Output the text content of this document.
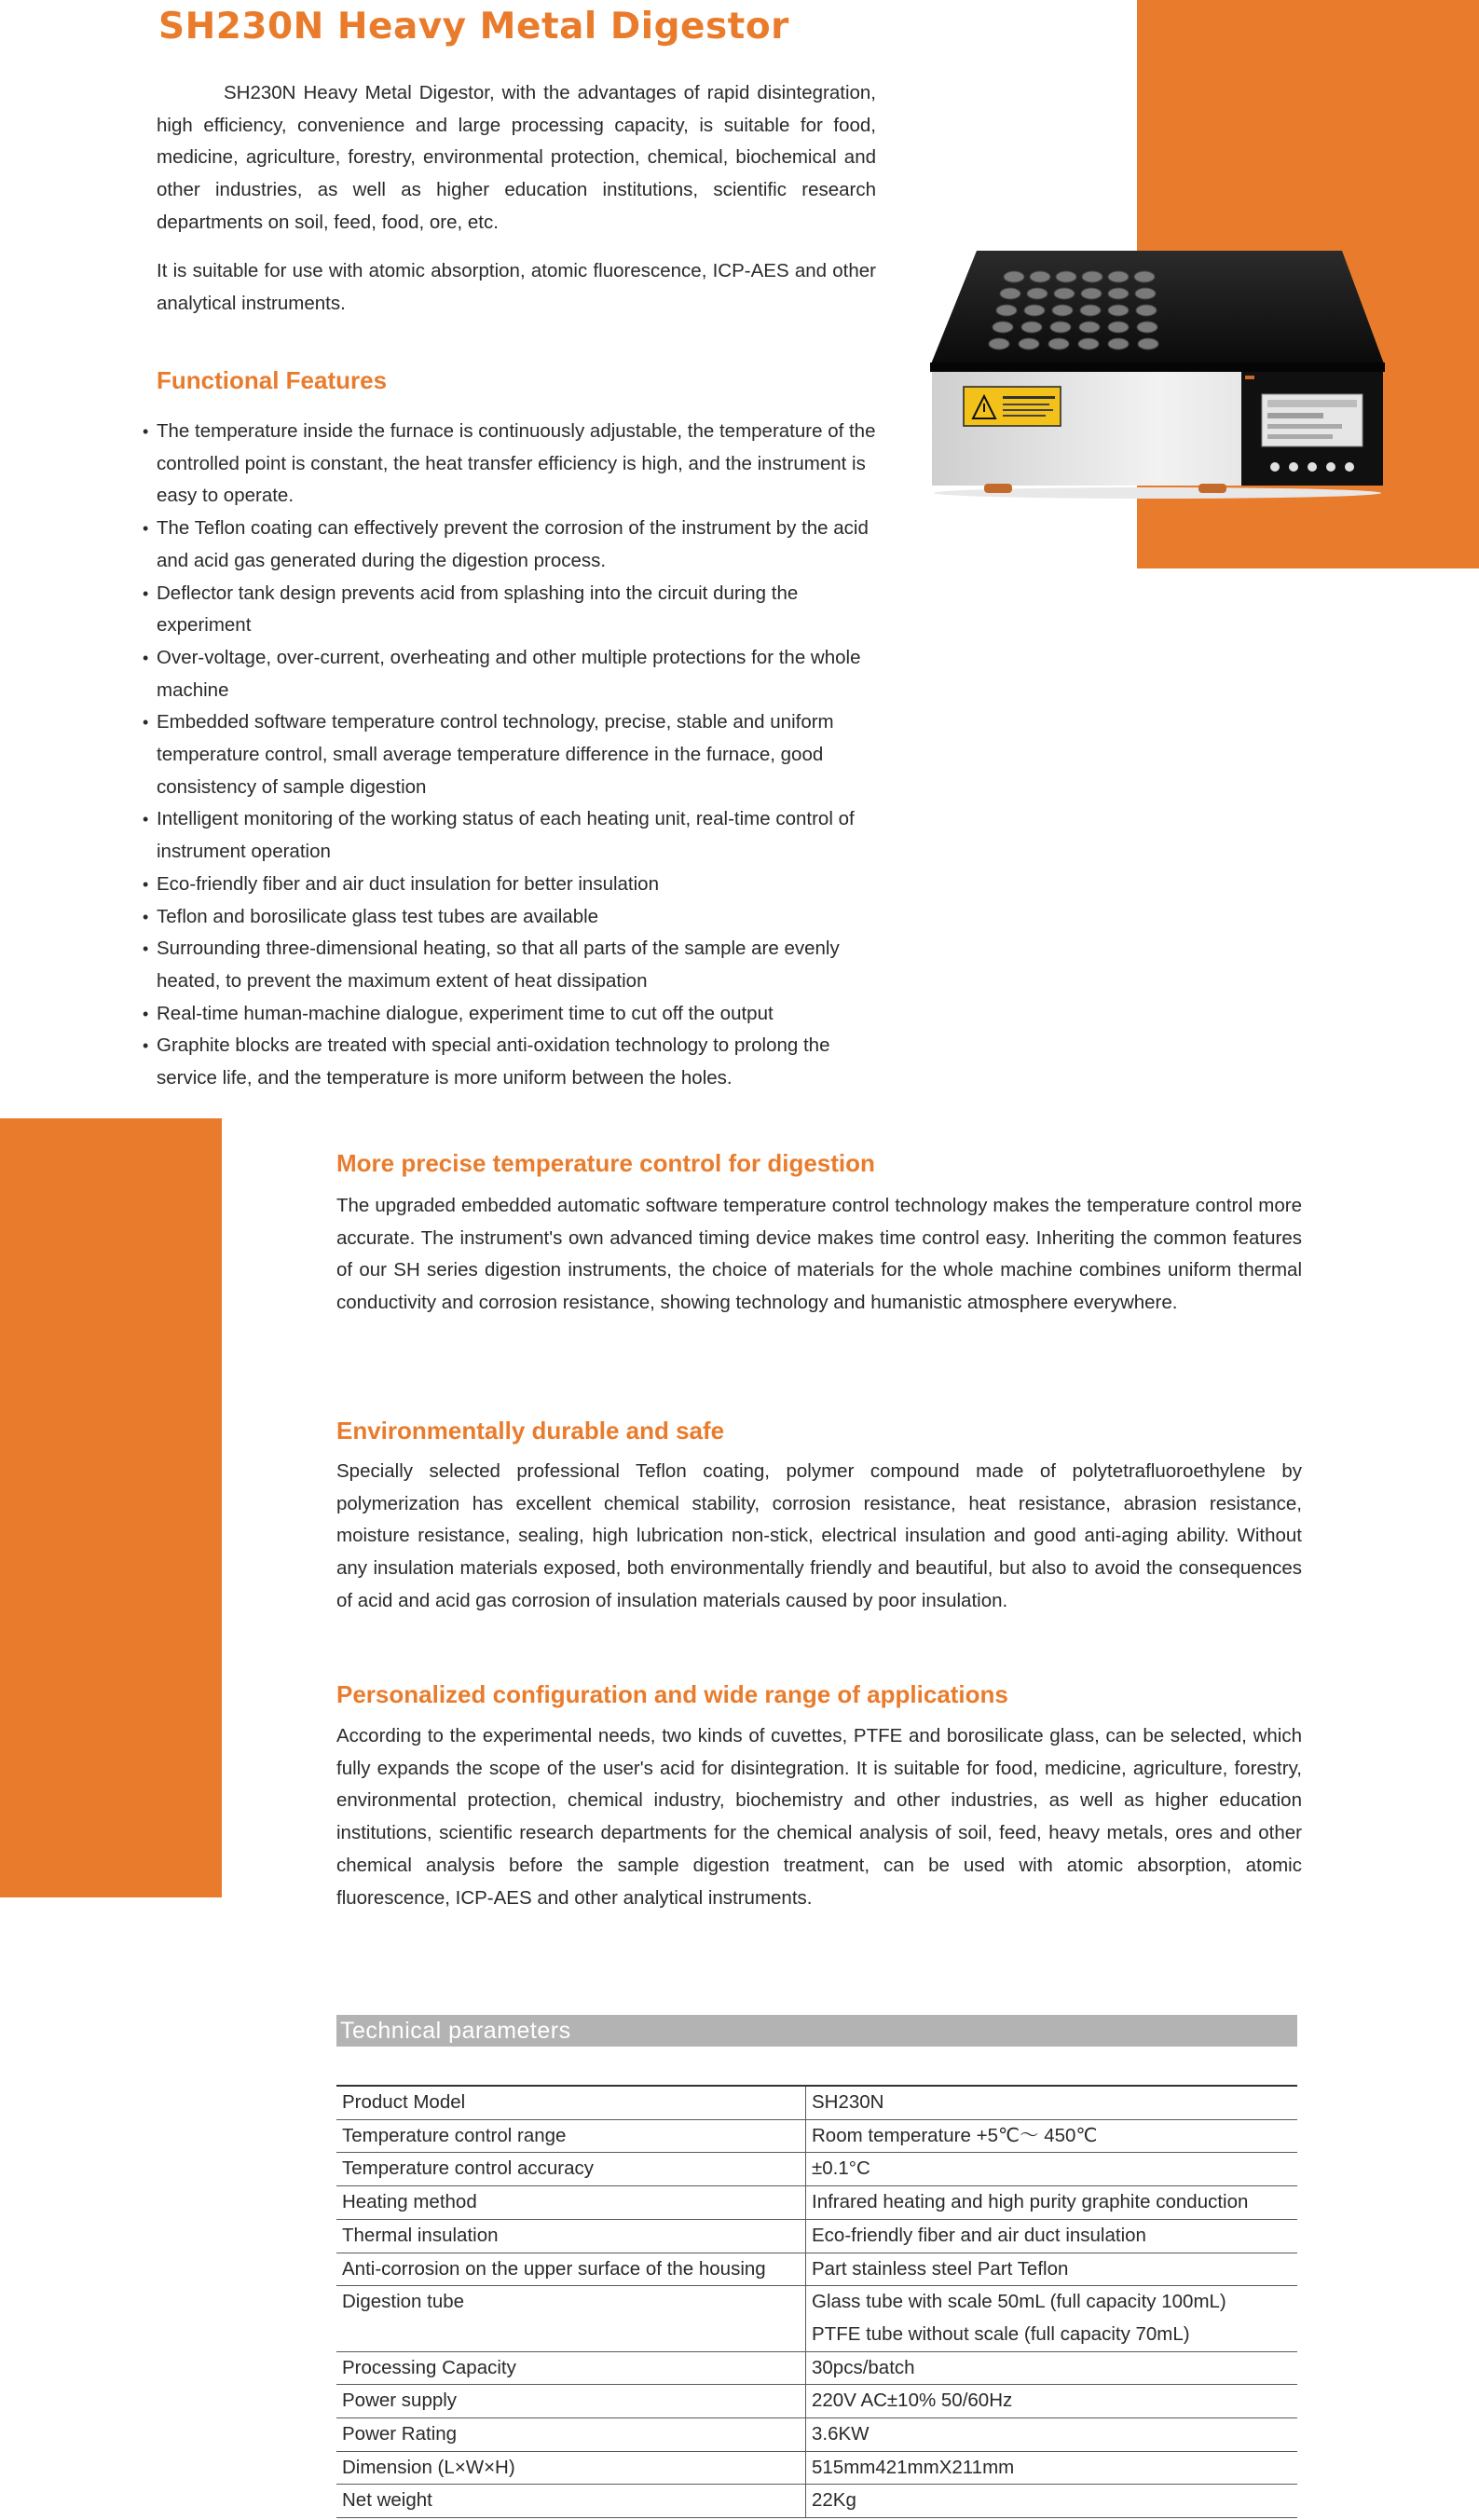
SH230N Heavy Metal Digestor

SH230N Heavy Metal Digestor, with the advantages of rapid disintegration, high efficiency, convenience and large processing capacity, is suitable for food, medicine, agriculture, forestry, environmental protection, chemical, biochemical and other industries, as well as higher education institutions, scientific research departments on soil, feed, food, ore, etc.

It is suitable for use with atomic absorption, atomic fluorescence, ICP-AES and other analytical instruments.

Functional Features
• The temperature inside the furnace is continuously adjustable, the temperature of the controlled point is constant, the heat transfer efficiency is high, and the instrument is easy to operate.
• The Teflon coating can effectively prevent the corrosion of the instrument by the acid and acid gas generated during the digestion process.
• Deflector tank design prevents acid from splashing into the circuit during the experiment
• Over-voltage, over-current, overheating and other multiple protections for the whole machine
• Embedded software temperature control technology, precise, stable and uniform temperature control, small average temperature difference in the furnace, good consistency of sample digestion
• Intelligent monitoring of the working status of each heating unit, real-time control of instrument operation
• Eco-friendly fiber and air duct insulation for better insulation
• Teflon and borosilicate glass test tubes are available
• Surrounding three-dimensional heating, so that all parts of the sample are evenly heated, to prevent the maximum extent of heat dissipation
• Real-time human-machine dialogue, experiment time to cut off the output
• Graphite blocks are treated with special anti-oxidation technology to prolong the service life, and the temperature is more uniform between the holes.
More precise temperature control for digestion

The upgraded embedded automatic software temperature control technology makes the temperature control more accurate. The instrument's own advanced timing device makes time control easy. Inheriting the common features of our SH series digestion instruments, the choice of materials for the whole machine combines uniform thermal conductivity and corrosion resistance, showing technology and humanistic atmosphere everywhere.

Environmentally durable and safe

Specially selected professional Teflon coating, polymer compound made of polytetrafluoroethylene by polymerization has excellent chemical stability, corrosion resistance, heat resistance, abrasion resistance, moisture resistance, sealing, high lubrication non-stick, electrical insulation and good anti-aging ability. Without any insulation materials exposed, both environmentally friendly and beautiful, but also to avoid the consequences of acid and acid gas corrosion of insulation materials caused by poor insulation.

Personalized configuration and wide range of applications

According to the experimental needs, two kinds of cuvettes, PTFE and borosilicate glass, can be selected, which fully expands the scope of the user's acid for disintegration. It is suitable for food, medicine, agriculture, forestry, environmental protection, chemical industry, biochemistry and other industries, as well as higher education institutions, scientific research departments for the chemical analysis of soil, feed, heavy metals, ores and other chemical analysis before the sample digestion treatment, can be used with atomic absorption, atomic fluorescence, ICP-AES and other analytical instruments.

Technical parameters
Product Model	SH230N
Temperature control range	Room temperature +5℃～ 450℃
Temperature control accuracy	±0.1°C
Heating method	Infrared heating and high purity graphite conduction
Thermal insulation	Eco-friendly fiber and air duct insulation
Anti-corrosion on the upper surface of the housing	Part stainless steel Part Teflon
Digestion tube	Glass tube with scale 50mL (full capacity 100mL)
PTFE tube without scale (full capacity 70mL)

Processing Capacity	30pcs/batch
Power supply	220V AC±10% 50/60Hz
Power Rating	3.6KW
Dimension (L×W×H)	515mm421mmX211mm
Net weight	22Kg
